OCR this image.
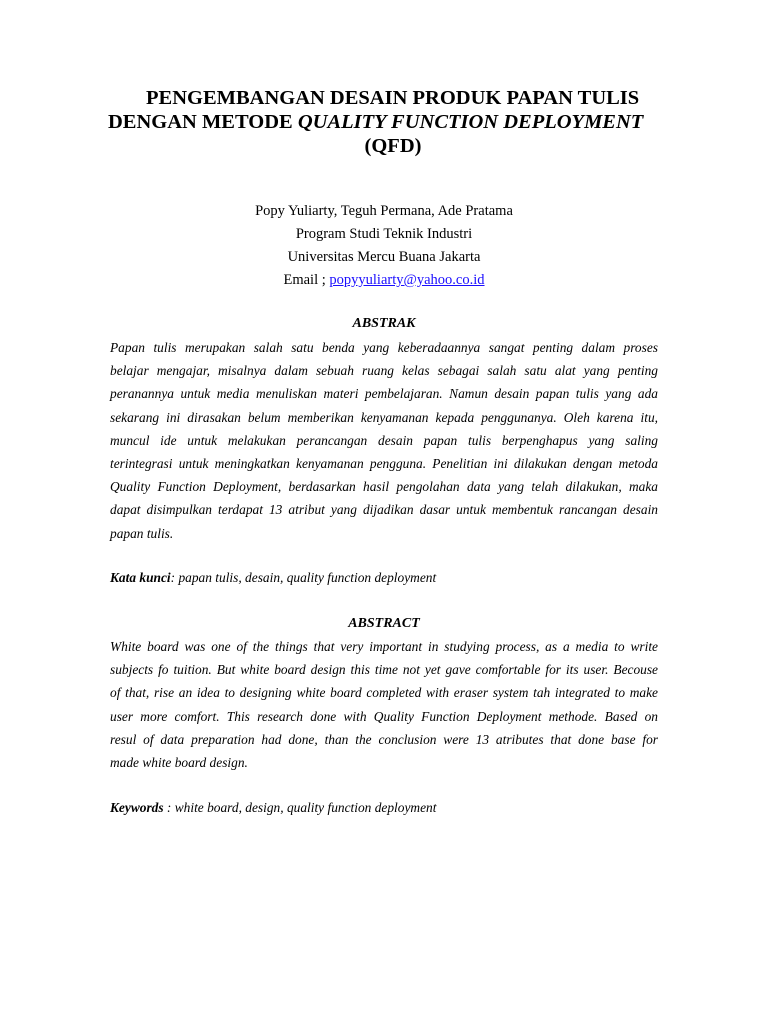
PENGEMBANGAN DESAIN PRODUK PAPAN TULIS
DENGAN METODE QUALITY FUNCTION DEPLOYMENT
(QFD)
Popy Yuliarty, Teguh Permana, Ade Pratama
Program Studi Teknik Industri
Universitas Mercu Buana Jakarta
Email ; popyyuliarty@yahoo.co.id
ABSTRAK
Papan tulis merupakan salah satu benda yang keberadaannya sangat penting dalam proses
belajar mengajar, misalnya dalam sebuah ruang kelas sebagai salah satu alat yang penting
peranannya untuk media menuliskan materi pembelajaran. Namun desain papan tulis yang ada
sekarang ini dirasakan belum memberikan kenyamanan kepada penggunanya. Oleh karena itu,
muncul ide untuk melakukan perancangan desain papan tulis berpenghapus yang saling
terintegrasi untuk meningkatkan kenyamanan pengguna. Penelitian ini dilakukan dengan metoda
Quality Function Deployment, berdasarkan hasil pengolahan data yang telah dilakukan, maka
dapat disimpulkan terdapat 13 atribut yang dijadikan dasar untuk membentuk rancangan desain
papan tulis.
Kata kunci: papan tulis, desain, quality function deployment
ABSTRACT
White board was one of the things that very important in studying process, as a media to write
subjects fo tuition. But white board design this time not yet gave comfortable for its user. Becouse
of that, rise an idea to designing white board completed with eraser system tah integrated to make
user more comfort. This research done with Quality Function Deployment methode. Based on
resul of data preparation had done, than the conclusion were 13 atributes that done base for
made white board design.
Keywords : white board, design, quality function deployment
